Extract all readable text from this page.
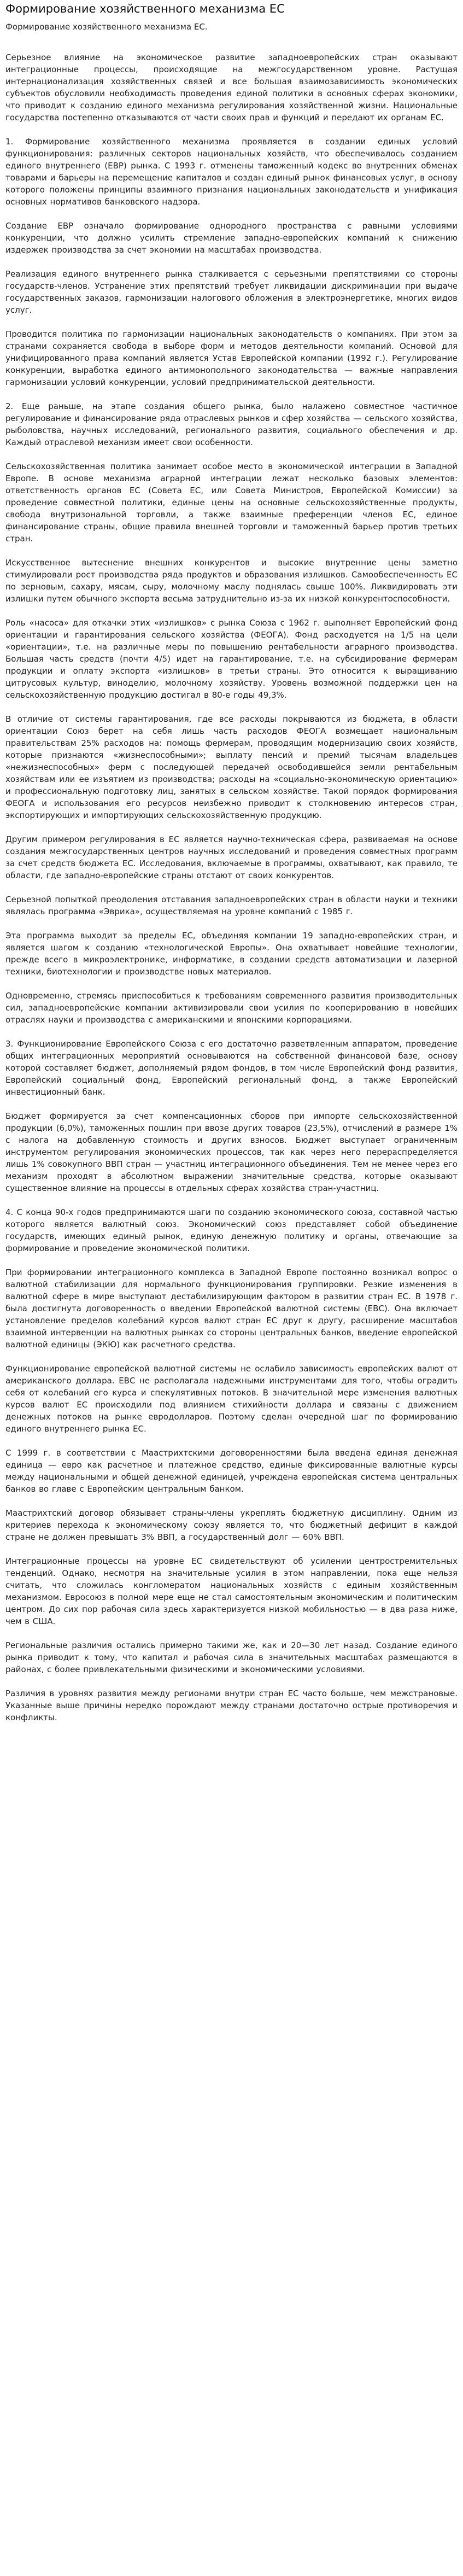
Формирование хозяйственного механизма ЕС
Формирование хозяйственного механизма ЕС.

Серьезное влияние на экономическое развитие западноевропейских стран оказывают интеграционные процессы, происходящие на межгосударственном уровне. Растущая интернационализация хозяйственных связей и все большая взаимозависимость экономических субъектов обусловили необходимость проведения единой политики в основных сферах экономики, что приводит к созданию единого механизма регулирования хозяйственной жизни. Национальные государства постепенно отказываются от части своих прав и функций и передают их органам ЕС.

1. Формирование хозяйственного механизма проявляется в создании единых условий функционирования: различных секторов национальных хозяйств, что обеспечивалось созданием единого внутреннего (ЕВР) рынка. С 1993 г. отменены таможенный кодекс во внутренних обменах товарами и барьеры на перемещение капиталов и создан единый рынок финансовых услуг, в основу которого положены принципы взаимного признания национальных законодательств и унификация основных нормативов банковского надзора.

Создание ЕВР означало формирование однородного пространства с равными условиями конкуренции, что должно усилить стремление западно-европейских компаний к снижению издержек производства за счет экономии на масштабах производства.

Реализация единого внутреннего рынка сталкивается с серьезными препятствиями со стороны государств-членов. Устранение этих препятствий требует ликвидации дискриминации при выдаче государственных заказов, гармонизации налогового обложения в электроэнергетике, многих видов услуг.

Проводится политика по гармонизации национальных законодательств о компаниях. При этом за странами сохраняется свобода в выборе форм и методов деятельности компаний. Основой для унифицированного права компаний является Устав Европейской компании (1992 г.). Регулирование конкуренции, выработка единого антимонопольного законодательства — важные направления гармонизации условий конкуренции, условий предпринимательской деятельности.

2. Еще раньше, на этапе создания общего рынка, было налажено совместное частичное регулирование и финансирование ряда отраслевых рынков и сфер хозяйства — сельского хозяйства, рыболовства, научных исследований, регионального развития, социального обеспечения и др. Каждый отраслевой механизм имеет свои особенности.

Сельскохозяйственная политика занимает особое место в экономической интеграции в Западной Европе. В основе механизма аграрной интеграции лежат несколько базовых элементов: ответственность органов ЕС (Совета ЕС, или Совета Министров, Европейской Комиссии) за проведение совместной политики, единые цены на основные сельскохозяйственные продукты, свобода внутризональной торговли, а также взаимные преференции членов ЕС, единое финансирование страны, общие правила внешней торговли и таможенный барьер против третьих стран.

Искусственное вытеснение внешних конкурентов и высокие внутренние цены заметно стимулировали рост производства ряда продуктов и образования излишков. Самообеспеченность ЕС по зерновым, сахару, мясам, сыру, молочному маслу поднялась свыше 100%. Ликвидировать эти излишки путем обычного экспорта весьма затруднительно из-за их низкой конкурентоспособности.

Роль «насоса» для откачки этих «излишков» с рынка Союза с 1962 г. выполняет Европейский фонд ориентации и гарантирования сельского хозяйства (ФЕОГА). Фонд расходуется на 1/5 на цели «ориентации», т.е. на различные меры по повышению рентабельности аграрного производства. Большая часть средств (почти 4/5) идет на гарантирование, т.е. на субсидирование фермерам продукции и оплату экспорта «излишков» в третьи страны. Это относится к выращиванию цитрусовых культур, виноделию, молочному хозяйству. Уровень возможной поддержки цен на сельскохозяйственную продукцию достигал в 80-е годы 49,3%.

В отличие от системы гарантирования, где все расходы покрываются из бюджета, в области ориентации Союз берет на себя лишь часть расходов ФЕОГА возмещает национальным правительствам 25% расходов на: помощь фермерам, проводящим модернизацию своих хозяйств, которые признаются «жизнеспособными»; выплату пенсий и премий тысячам владельцев «нежизнеспособных» ферм с последующей передачей освободившейся земли рентабельным хозяйствам или ее изъятием из производства; расходы на «социально-экономическую ориентацию» и профессиональную подготовку лиц, занятых в сельском хозяйстве. Такой порядок формирования ФЕОГА и использования его ресурсов неизбежно приводит к столкновению интересов стран, экспортирующих и импортирующих сельскохозяйственную продукцию.

Другим примером регулирования в ЕС является научно-техническая сфера, развиваемая на основе создания межгосударственных центров научных исследований и проведения совместных программ за счет средств бюджета ЕС. Исследования, включаемые в программы, охватывают, как правило, те области, где западно-европейские страны отстают от своих конкурентов.

Серьезной попыткой преодоления отставания западноевропейских стран в области науки и техники являлась программа «Эврика», осуществляемая на уровне компаний с 1985 г.

Эта программа выходит за пределы ЕС, объединяя компании 19 западно-европейских стран, и является шагом к созданию «технологической Европы». Она охватывает новейшие технологии, прежде всего в микроэлектронике, информатике, в создании средств автоматизации и лазерной техники, биотехнологии и производстве новых материалов.

Одновременно, стремясь приспособиться к требованиям современного развития производительных сил, западноевропейские компании активизировали свои усилия по кооперированию в новейших отраслях науки и производства с американскими и японскими корпорациями.

3. Функционирование Европейского Союза с его достаточно разветвленным аппаратом, проведение общих интеграционных мероприятий основываются на собственной финансовой базе, основу которой составляет бюджет, дополняемый рядом фондов, в том числе Европейский фонд развития, Европейский социальный фонд, Европейский региональный фонд, а также Европейский инвестиционный банк.

Бюджет формируется за счет компенсационных сборов при импорте сельскохозяйственной продукции (6,0%), таможенных пошлин при ввозе других товаров (23,5%), отчислений в размере 1% с налога на добавленную стоимость и других взносов. Бюджет выступает ограниченным инструментом регулирования экономических процессов, так как через него перераспределяется лишь 1% совокупного ВВП стран — участниц интеграционного объединения. Тем не менее через его механизм проходят в абсолютном выражении значительные средства, которые оказывают существенное влияние на процессы в отдельных сферах хозяйства стран-участниц.

4. С конца 90-х годов предпринимаются шаги по созданию экономического союза, составной частью которого является валютный союз. Экономический союз представляет собой объединение государств, имеющих единый рынок, единую денежную политику и органы, отвечающие за формирование и проведение экономической политики.

При формировании интеграционного комплекса в Западной Европе постоянно возникал вопрос о валютной стабилизации для нормального функционирования группировки. Резкие изменения в валютной сфере в мире выступают дестабилизирующим фактором в развитии стран ЕС. В 1978 г. была достигнута договоренность о введении Европейской валютной системы (ЕВС). Она включает установление пределов колебаний курсов валют стран ЕС друг к другу, расширение масштабов взаимной интервенции на валютных рынках со стороны центральных банков, введение европейской валютной единицы (ЭКЮ) как расчетного средства.

Функционирование европейской валютной системы не ослабило зависимость европейских валют от американского доллара. ЕВС не располагала надежными инструментами для того, чтобы оградить себя от колебаний его курса и спекулятивных потоков. В значительной мере изменения валютных курсов валют ЕС происходили под влиянием стихийности доллара и связаны с движением денежных потоков на рынке евродолларов. Поэтому сделан очередной шаг по формированию единого внутреннего рынка ЕС.

С 1999 г. в соответствии с Маастрихтскими договоренностями была введена единая денежная единица — евро как расчетное и платежное средство, единые фиксированные валютные курсы между национальными и общей денежной единицей, учреждена европейская система центральных банков во главе с Европейским центральным банком.

Маастрихтский договор обязывает страны-члены укреплять бюджетную дисциплину. Одним из критериев перехода к экономическому союзу является то, что бюджетный дефицит в каждой стране не должен превышать 3% ВВП, а государственный долг — 60% ВВП.

Интеграционные процессы на уровне ЕС свидетельствуют об усилении центростремительных тенденций. Однако, несмотря на значительные усилия в этом направлении, пока еще нельзя считать, что сложилась конгломератом национальных хозяйств с единым хозяйственным механизмом. Евросоюз в полной мере еще не стал самостоятельным экономическим и политическим центром. До сих пор рабочая сила здесь характеризуется низкой мобильностью — в два раза ниже, чем в США.

Региональные различия остались примерно такими же, как и 20—30 лет назад. Создание единого рынка приводит к тому, что капитал и рабочая сила в значительных масштабах размещаются в районах, с более привлекательными физическими и экономическими условиями.

Различия в уровнях развития между регионами внутри стран ЕС часто больше, чем межстрановые. Указанные выше причины нередко порождают между странами достаточно острые противоречия и конфликты.
